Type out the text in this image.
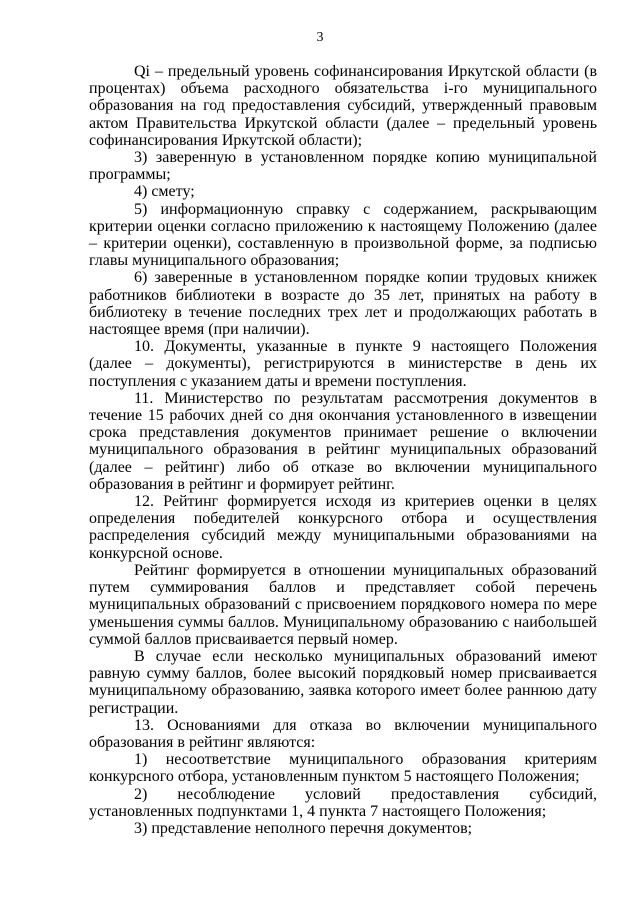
3

Qi – предельный уровень софинансирования Иркутской области (в процентах) объема расходного обязательства i-го муниципального образования на год предоставления субсидий, утвержденный правовым актом Правительства Иркутской области (далее – предельный уровень софинансирования Иркутской области);

3) заверенную в установленном порядке копию муниципальной программы;

4) смету;

5) информационную справку с содержанием, раскрывающим критерии оценки согласно приложению к настоящему Положению (далее – критерии оценки), составленную в произвольной форме, за подписью главы муниципального образования;

6) заверенные в установленном порядке копии трудовых книжек работников библиотеки в возрасте до 35 лет, принятых на работу в библиотеку в течение последних трех лет и продолжающих работать в настоящее время (при наличии).

10. Документы, указанные в пункте 9 настоящего Положения (далее – документы), регистрируются в министерстве в день их поступления с указанием даты и времени поступления.

11. Министерство по результатам рассмотрения документов в течение 15 рабочих дней со дня окончания установленного в извещении срока представления документов принимает решение о включении муниципального образования в рейтинг муниципальных образований (далее – рейтинг) либо об отказе во включении муниципального образования в рейтинг и формирует рейтинг.

12. Рейтинг формируется исходя из критериев оценки в целях определения победителей конкурсного отбора и осуществления распределения субсидий между муниципальными образованиями на конкурсной основе.

Рейтинг формируется в отношении муниципальных образований путем суммирования баллов и представляет собой перечень муниципальных образований с присвоением порядкового номера по мере уменьшения суммы баллов. Муниципальному образованию с наибольшей суммой баллов присваивается первый номер.

В случае если несколько муниципальных образований имеют равную сумму баллов, более высокий порядковый номер присваивается муниципальному образованию, заявка которого имеет более раннюю дату регистрации.

13. Основаниями для отказа во включении муниципального образования в рейтинг являются:

1) несоответствие муниципального образования критериям конкурсного отбора, установленным пунктом 5 настоящего Положения;

2) несоблюдение условий предоставления субсидий, установленных подпунктами 1, 4 пункта 7 настоящего Положения;

3) представление неполного перечня документов;
